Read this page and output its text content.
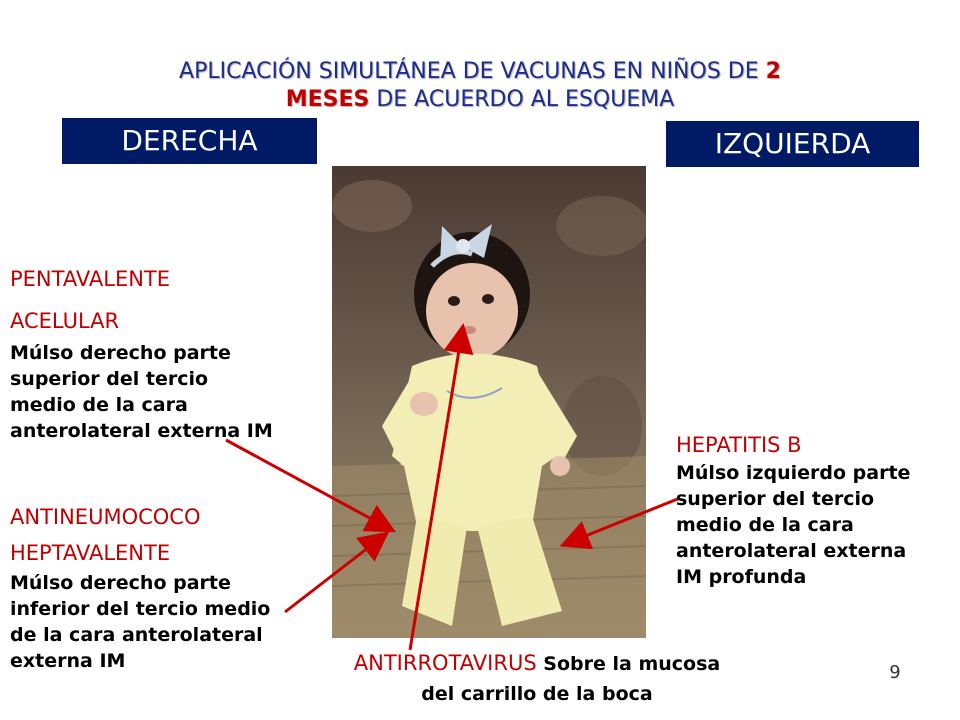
APLICACIÓN SIMULTÁNEA DE VACUNAS EN NIÑOS DE 2
MESES DE ACUERDO AL ESQUEMA
DERECHA	IZQUIERDA
PENTAVALENTE
ACELULAR
Múlso derecho parte superior del tercio medio de la cara anterolateral externa IM
ANTINEUMOCOCO
HEPTAVALENTE
Múlso derecho parte inferior del tercio medio de la cara anterolateral externa IM
HEPATITIS B
Múlso izquierdo parte superior del tercio medio de la cara anterolateral externa IM profunda
ANTIRROTAVIRUS Sobre la mucosa del carrillo de la boca
9
